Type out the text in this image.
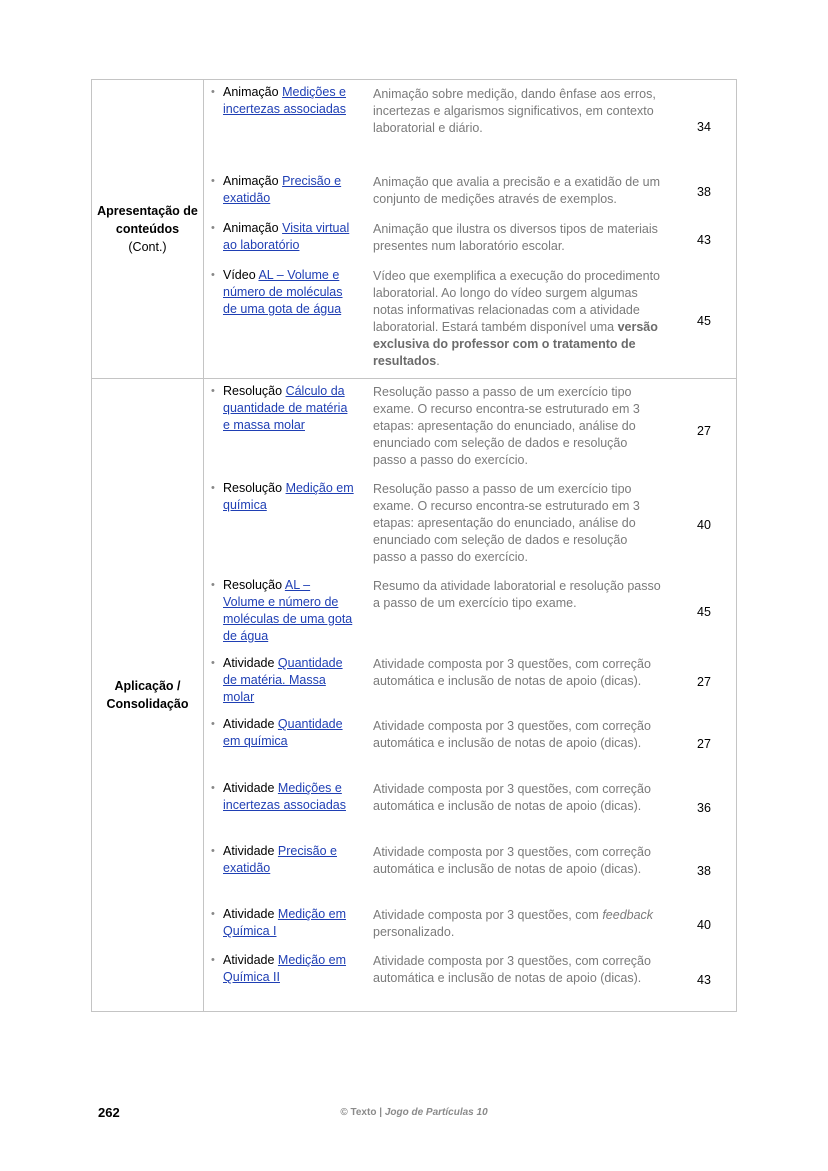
Apresentação de conteúdos
(Cont.)
• Animação Medições e incertezas associadas
Animação sobre medição, dando ênfase aos erros, incertezas e algarismos significativos, em contexto laboratorial e diário.	34
• Animação Precisão e exatidão
Animação que avalia a precisão e a exatidão de um conjunto de medições através de exemplos.	38
• Animação Visita virtual ao laboratório
Animação que ilustra os diversos tipos de materiais presentes num laboratório escolar.	43
• Vídeo AL – Volume e número de moléculas de uma gota de água
Vídeo que exemplifica a execução do procedimento laboratorial. Ao longo do vídeo surgem algumas notas informativas relacionadas com a atividade laboratorial. Estará também disponível uma versão exclusiva do professor com o tratamento de resultados.
45
Aplicação / Consolidação
• Resolução Cálculo da quantidade de matéria e massa molar
Resolução passo a passo de um exercício tipo exame. O recurso encontra-se estruturado em 3 etapas: apresentação do enunciado, análise do enunciado com seleção de dados e resolução passo a passo do exercício.
27
• Resolução Medição em química
Resolução passo a passo de um exercício tipo exame. O recurso encontra-se estruturado em 3 etapas: apresentação do enunciado, análise do enunciado com seleção de dados e resolução passo a passo do exercício.
40
• Resolução AL – Volume e número de moléculas de uma gota de água
Resumo da atividade laboratorial e resolução passo a passo de um exercício tipo exame.
45
• Atividade Quantidade de matéria. Massa molar
Atividade composta por 3 questões, com correção automática e inclusão de notas de apoio (dicas).	27
• Atividade Quantidade em química
Atividade composta por 3 questões, com correção automática e inclusão de notas de apoio (dicas).	27
• Atividade Medições e incertezas associadas
Atividade composta por 3 questões, com correção automática e inclusão de notas de apoio (dicas).	36
• Atividade Precisão e exatidão
Atividade composta por 3 questões, com correção automática e inclusão de notas de apoio (dicas).	38
• Atividade Medição em Química I
Atividade composta por 3 questões, com feedback personalizado.	40
• Atividade Medição em Química II
Atividade composta por 3 questões, com correção automática e inclusão de notas de apoio (dicas).	43
262	© Texto | Jogo de Partículas 10
